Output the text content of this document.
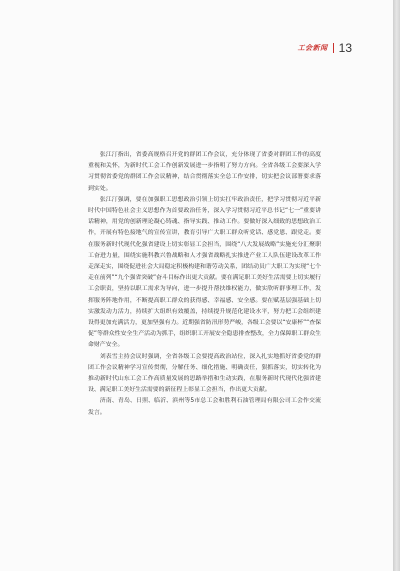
工会新闻 13

张江汀指出，省委高规格召开党的群团工作会议，充分体现了省委对群团工作的高度重视和关怀，为新时代工会工作创新发展进一步指明了努力方向。全省各级工会要深入学习贯彻省委党的群团工作会议精神，结合贯彻落实全总工作安排，切实把会议部署要求落到实处。

张江汀强调，要在加强职工思想政治引领上切实扛牢政治责任，把学习贯彻习近平新时代中国特色社会主义思想作为首要政治任务，深入学习贯彻习近平总书记“七一”重要讲话精神，用党的创新理论凝心铸魂、指导实践、推动工作。要做好深入细致的思想政治工作，开展有特色接地气的宣传宣讲，教育引导广大职工群众听党话、感党恩、跟党走。要在服务新时代现代化强省建设上切实彰显工会担当，围绕“八大发展战略”实施充分汇聚职工奋进力量，围绕实施科教兴鲁战略和人才强省战略扎实推进产业工人队伍建设改革工作走深走实，围绕促进社会大局稳定积极构建和谐劳动关系，团结动员广大职工为实现“七个走在前列”“九个强省突破”奋斗目标作出更大贡献。要在满足职工美好生活需要上切实履行工会职责，坚持以职工需求为导向，进一步提升帮扶维权能力，做实欣听群事理工作，发挥服务阵地作用，不断提高职工群众的获得感、幸福感、安全感。要在赋基层强基础上切实激发动力活力，持续扩大组织有效覆盖，持续提升规范化建设水平，努力把工会组织建设得更加充满活力，更加坚强有力。近期强省防汛形势严峻，各级工会要以“安康杯”“查保促”等群众性安全生产活动为抓手，组织职工开展安全隐患排查整改，全力保障职工群众生命财产安全。

刘表雪主持会议时强调，全省各级工会要提高政治站位，深入扎实地抓好省委党的群团工作会议精神学习宣传贯彻，分解任务、细化措施、明确责任，狠抓落实，切实转化为推动新时代山东工会工作高质量发展的思路举措和生动实践，在服务新时代现代化强省建设、满足职工美好生活需要的新征程上彰显工会担当，作出更大贡献。

济南、青岛、日照、临沂、滨州等5市总工会和胜利石油管理局有限公司工会作交流发言。
